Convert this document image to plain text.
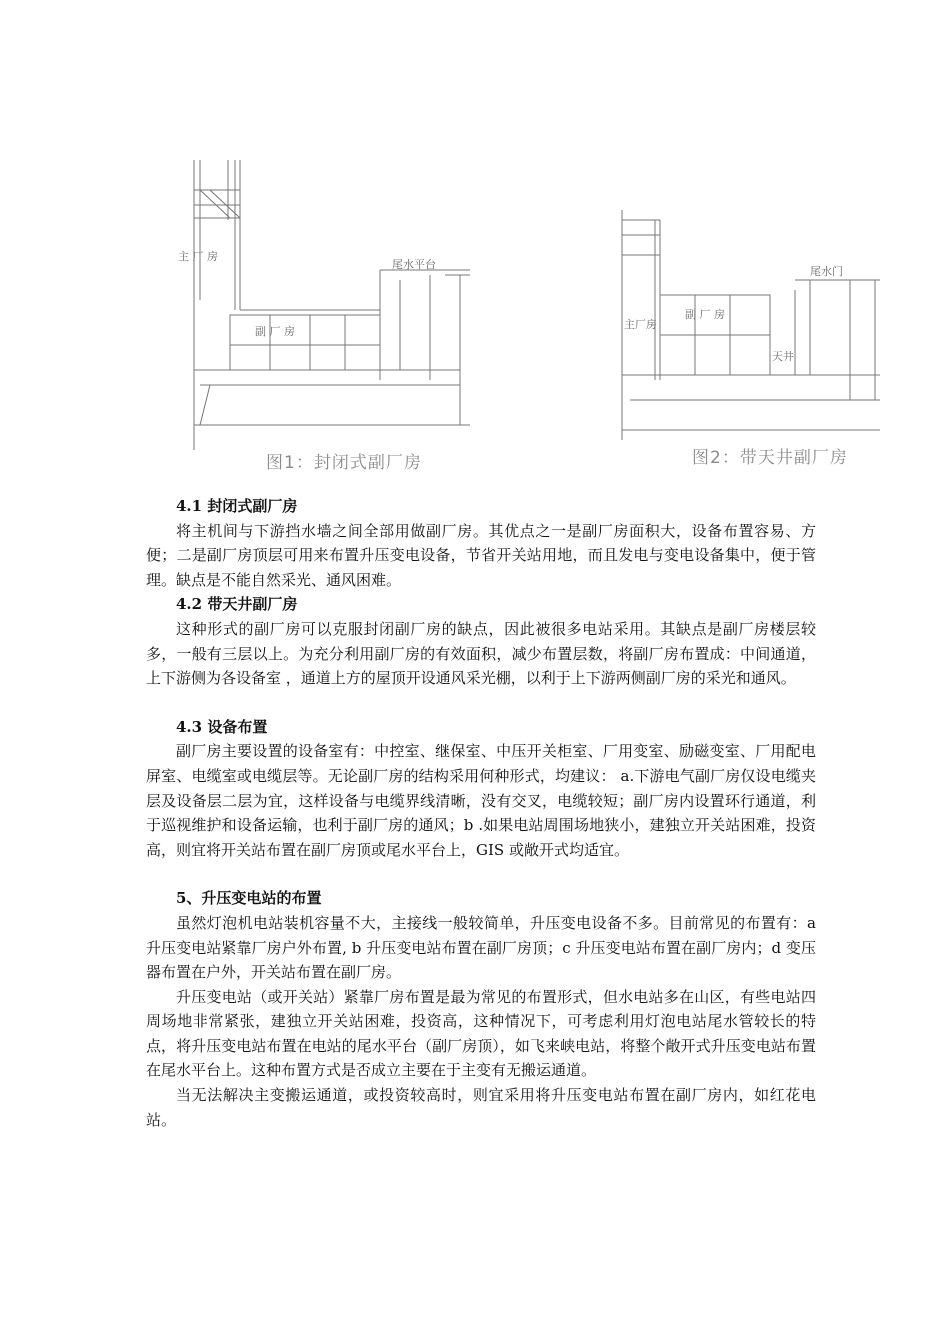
主 厂 房
尾水平台
副 厂 房
图1：封闭式副厂房
主厂房
尾水门
副 厂 房
天井
图2：带天井副厂房
4.1 封闭式副厂房

将主机间与下游挡水墙之间全部用做副厂房。其优点之一是副厂房面积大，设备布置容易、方便；二是副厂房顶层可用来布置升压变电设备，节省开关站用地，而且发电与变电设备集中，便于管理。缺点是不能自然采光、通风困难。

4.2 带天井副厂房

这种形式的副厂房可以克服封闭副厂房的缺点，因此被很多电站采用。其缺点是副厂房楼层较多，一般有三层以上。为充分利用副厂房的有效面积，减少布置层数，将副厂房布置成：中间通道，上下游侧为各设备室 ，通道上方的屋顶开设通风采光棚，以利于上下游两侧副厂房的采光和通风。

4.3 设备布置

副厂房主要设置的设备室有：中控室、继保室、中压开关柜室、厂用变室、励磁变室、厂用配电屏室、电缆室或电缆层等。无论副厂房的结构采用何种形式，均建议： a.下游电气副厂房仅设电缆夹层及设备层二层为宜，这样设备与电缆界线清晰，没有交叉，电缆较短；副厂房内设置环行通道，利于巡视维护和设备运输，也利于副厂房的通风；b .如果电站周围场地狭小，建独立开关站困难，投资高，则宜将开关站布置在副厂房顶或尾水平台上，GIS 或敞开式均适宜。

5、升压变电站的布置

虽然灯泡机电站装机容量不大，主接线一般较简单，升压变电设备不多。目前常见的布置有：a 升压变电站紧靠厂房户外布置, b 升压变电站布置在副厂房顶；c 升压变电站布置在副厂房内；d 变压器布置在户外，开关站布置在副厂房。

升压变电站（或开关站）紧靠厂房布置是最为常见的布置形式，但水电站多在山区，有些电站四周场地非常紧张，建独立开关站困难，投资高，这种情况下，可考虑利用灯泡电站尾水管较长的特点，将升压变电站布置在电站的尾水平台（副厂房顶），如飞来峡电站，将整个敞开式升压变电站布置在尾水平台上。这种布置方式是否成立主要在于主变有无搬运通道。

当无法解决主变搬运通道，或投资较高时，则宜采用将升压变电站布置在副厂房内，如红花电站。
